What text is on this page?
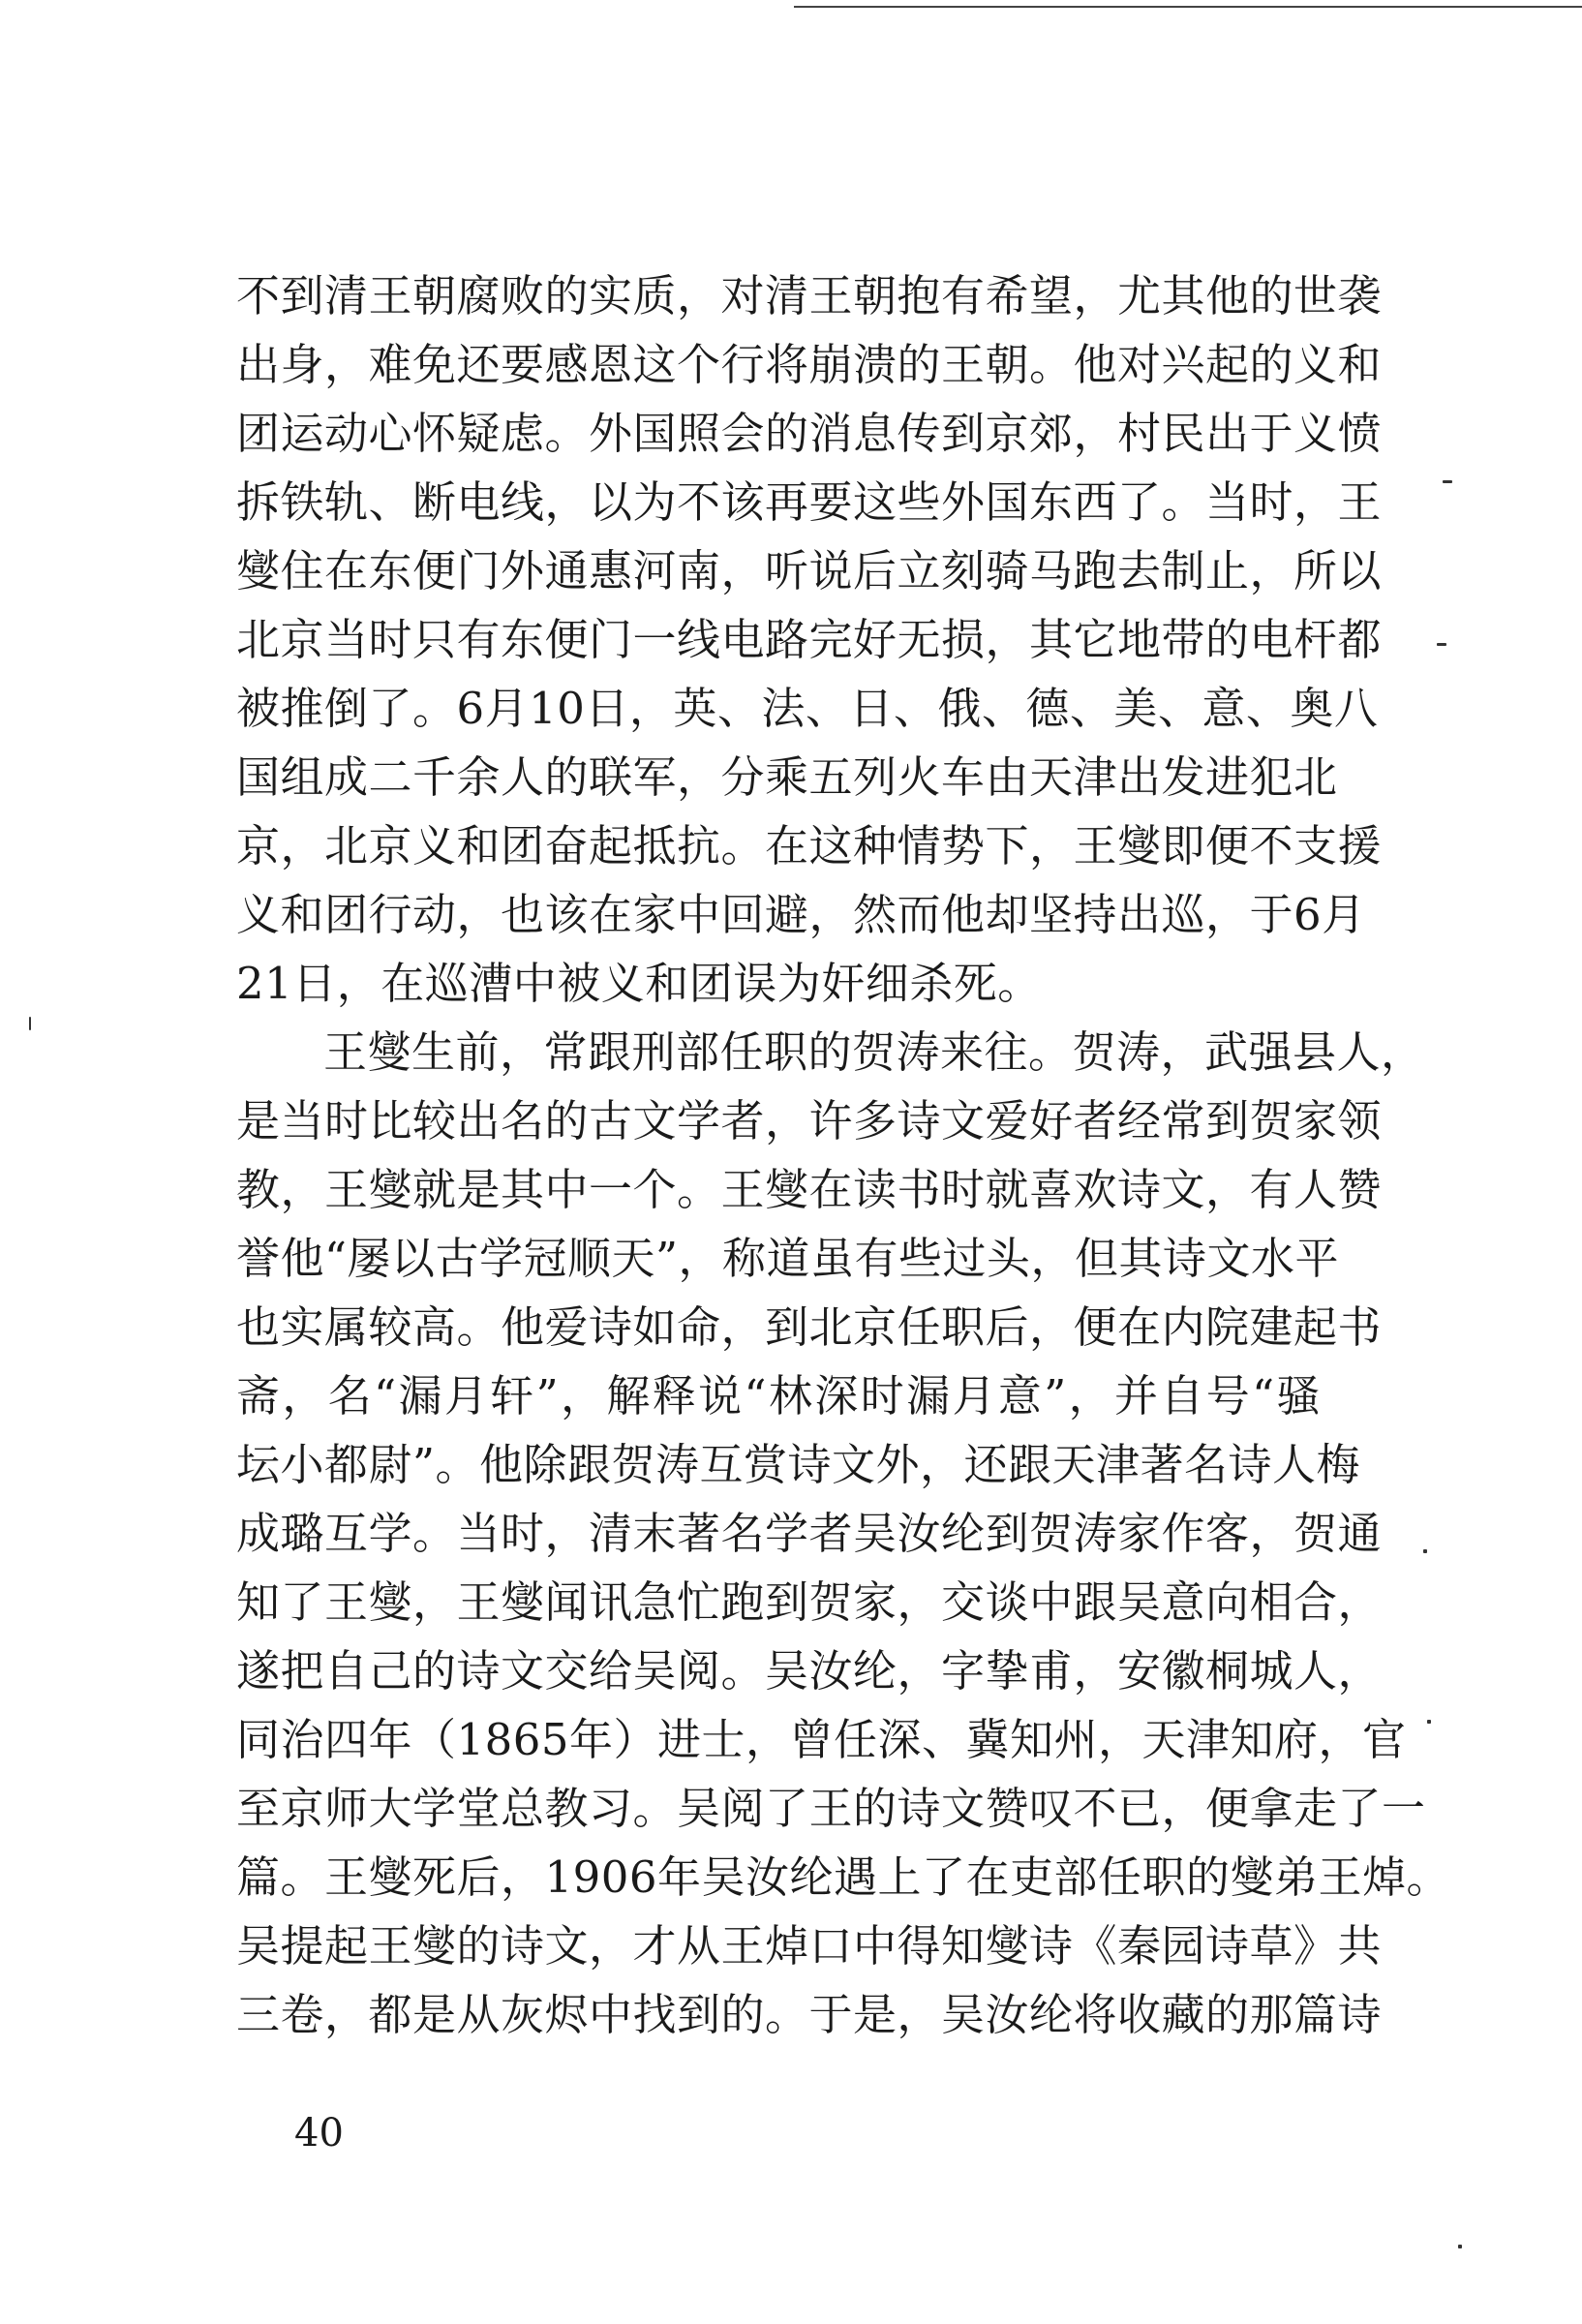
不到清王朝腐败的实质，对清王朝抱有希望，尤其他的世袭
出身，难免还要感恩这个行将崩溃的王朝。他对兴起的义和
团运动心怀疑虑。外国照会的消息传到京郊，村民出于义愤
拆铁轨、断电线，以为不该再要这些外国东西了。当时，王
燮住在东便门外通惠河南，听说后立刻骑马跑去制止，所以
北京当时只有东便门一线电路完好无损，其它地带的电杆都
被推倒了。6月10日，英、法、日、俄、德、美、意、奥八
国组成二千余人的联军，分乘五列火车由天津出发进犯北
京，北京义和团奋起抵抗。在这种情势下，王燮即便不支援
义和团行动，也该在家中回避，然而他却坚持出巡，于6月
21日，在巡漕中被义和团误为奸细杀死。
王燮生前，常跟刑部任职的贺涛来往。贺涛，武强县人，
是当时比较出名的古文学者，许多诗文爱好者经常到贺家领
教，王燮就是其中一个。王燮在读书时就喜欢诗文，有人赞
誉他“屡以古学冠顺天”，称道虽有些过头，但其诗文水平
也实属较高。他爱诗如命，到北京任职后，便在内院建起书
斋，名“漏月轩”，解释说“林深时漏月意”，并自号“骚
坛小都尉”。他除跟贺涛互赏诗文外，还跟天津著名诗人梅
成璐互学。当时，清末著名学者吴汝纶到贺涛家作客，贺通
知了王燮，王燮闻讯急忙跑到贺家，交谈中跟吴意向相合，
遂把自己的诗文交给吴阅。吴汝纶，字挚甫，安徽桐城人，
同治四年（1865年）进士，曾任深、冀知州，天津知府，官
至京师大学堂总教习。吴阅了王的诗文赞叹不已，便拿走了一
篇。王燮死后，1906年吴汝纶遇上了在吏部任职的燮弟王焯。
吴提起王燮的诗文，才从王焯口中得知燮诗《秦园诗草》共
三卷，都是从灰烬中找到的。于是，吴汝纶将收藏的那篇诗
40
